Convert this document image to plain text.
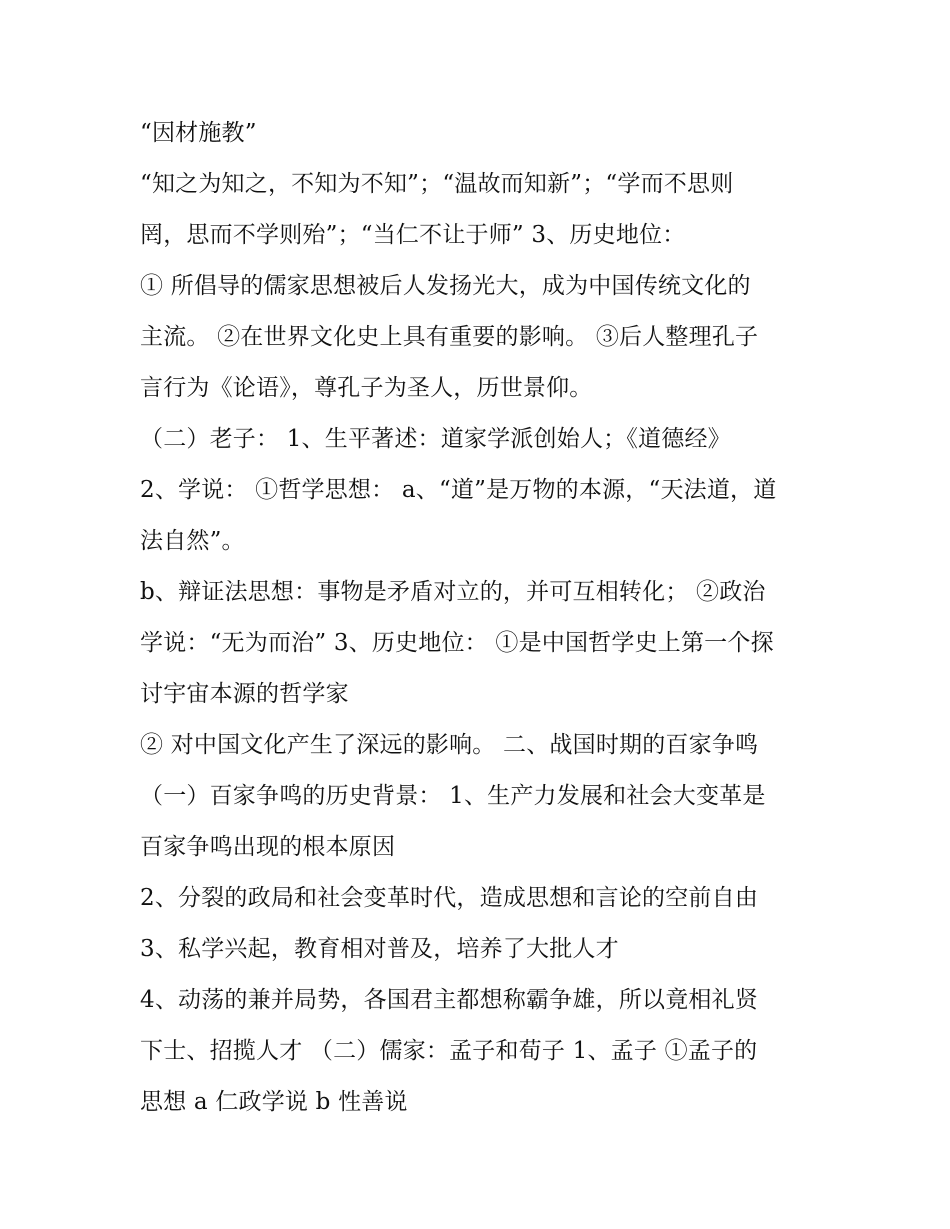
“因材施教”
“知之为知之，不知为不知”；“温故而知新”；“学而不思则
罔，思而不学则殆”；“当仁不让于师” 3、历史地位：
① 所倡导的儒家思想被后人发扬光大，成为中国传统文化的
主流。 ②在世界文化史上具有重要的影响。 ③后人整理孔子
言行为《论语》，尊孔子为圣人，历世景仰。
（二）老子： 1、生平著述：道家学派创始人；《道德经》
2、学说： ①哲学思想： a、“道”是万物的本源，“天法道，道
法自然”。
b、辩证法思想：事物是矛盾对立的，并可互相转化； ②政治
学说：“无为而治” 3、历史地位： ①是中国哲学史上第一个探
讨宇宙本源的哲学家
② 对中国文化产生了深远的影响。 二、战国时期的百家争鸣
（一）百家争鸣的历史背景： 1、生产力发展和社会大变革是
百家争鸣出现的根本原因
2、分裂的政局和社会变革时代，造成思想和言论的空前自由
3、私学兴起，教育相对普及，培养了大批人才
4、动荡的兼并局势，各国君主都想称霸争雄，所以竟相礼贤
下士、招揽人才 （二）儒家：孟子和荀子 1、孟子 ①孟子的
思想 a 仁政学说 b 性善说
